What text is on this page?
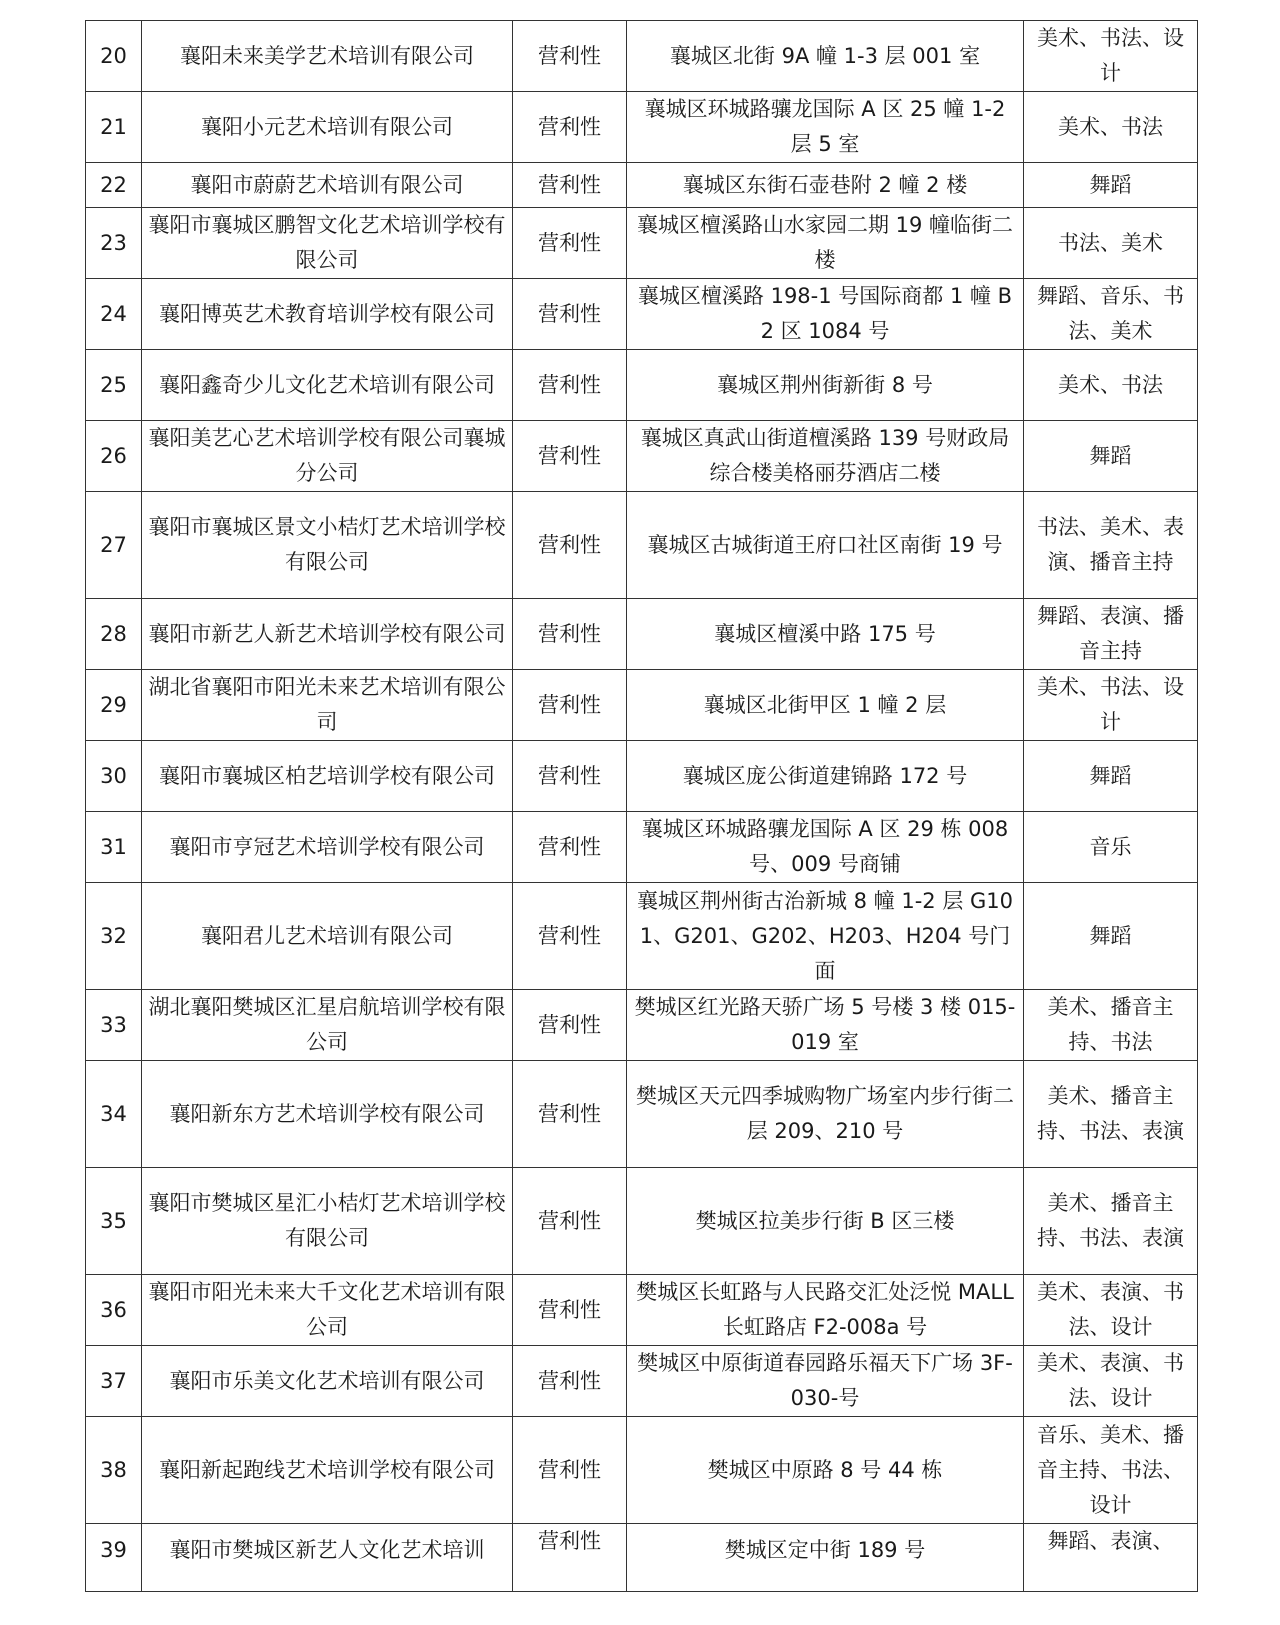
20	襄阳未来美学艺术培训有限公司	营利性	襄城区北街 9A 幢 1-3 层 001 室	美术、书法、设计
21	襄阳小元艺术培训有限公司	营利性	襄城区环城路骧龙国际 A 区 25 幢 1-2 层 5 室	美术、书法
22	襄阳市蔚蔚艺术培训有限公司	营利性	襄城区东街石壶巷附 2 幢 2 楼	舞蹈
23	襄阳市襄城区鹏智文化艺术培训学校有限公司	营利性	襄城区檀溪路山水家园二期 19 幢临街二楼	书法、美术
24	襄阳博英艺术教育培训学校有限公司	营利性	襄城区檀溪路 198-1 号国际商都 1 幢 B2 区 1084 号	舞蹈、音乐、书法、美术
25	襄阳鑫奇少儿文化艺术培训有限公司	营利性	襄城区荆州街新街 8 号	美术、书法
26	襄阳美艺心艺术培训学校有限公司襄城分公司	营利性	襄城区真武山街道檀溪路 139 号财政局综合楼美格丽芬酒店二楼	舞蹈
27	襄阳市襄城区景文小桔灯艺术培训学校有限公司	营利性	襄城区古城街道王府口社区南街 19 号	书法、美术、表演、播音主持
28	襄阳市新艺人新艺术培训学校有限公司	营利性	襄城区檀溪中路 175 号	舞蹈、表演、播音主持
29	湖北省襄阳市阳光未来艺术培训有限公司	营利性	襄城区北街甲区 1 幢 2 层	美术、书法、设计
30	襄阳市襄城区柏艺培训学校有限公司	营利性	襄城区庞公街道建锦路 172 号	舞蹈
31	襄阳市亨冠艺术培训学校有限公司	营利性	襄城区环城路骧龙国际 A 区 29 栋 008 号、009 号商铺	音乐
32	襄阳君儿艺术培训有限公司	营利性	襄城区荆州街古治新城 8 幢 1-2 层 G101、G201、G202、H203、H204 号门面	舞蹈
33	湖北襄阳樊城区汇星启航培训学校有限公司	营利性	樊城区红光路天骄广场 5 号楼 3 楼 015-019 室	美术、播音主持、书法
34	襄阳新东方艺术培训学校有限公司	营利性	樊城区天元四季城购物广场室内步行街二层 209、210 号	美术、播音主持、书法、表演
35	襄阳市樊城区星汇小桔灯艺术培训学校有限公司	营利性	樊城区拉美步行街 B 区三楼	美术、播音主持、书法、表演
36	襄阳市阳光未来大千文化艺术培训有限公司	营利性	樊城区长虹路与人民路交汇处泛悦 MALL 长虹路店 F2-008a 号	美术、表演、书法、设计
37	襄阳市乐美文化艺术培训有限公司	营利性	樊城区中原街道春园路乐福天下广场 3F-030-号	美术、表演、书法、设计
38	襄阳新起跑线艺术培训学校有限公司	营利性	樊城区中原路 8 号 44 栋	音乐、美术、播音主持、书法、设计
39	襄阳市樊城区新艺人文化艺术培训	营利性	樊城区定中街 189 号	舞蹈、表演、
